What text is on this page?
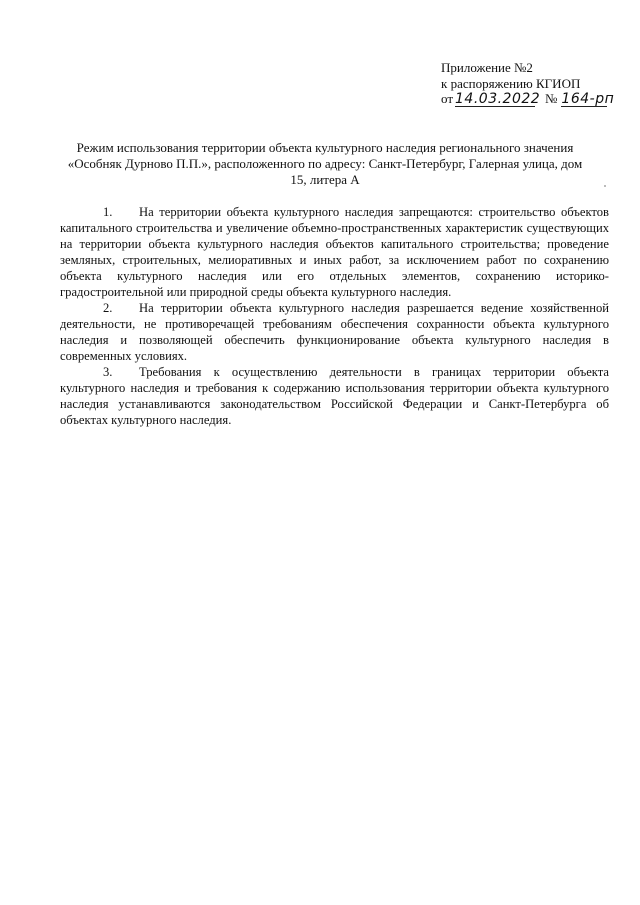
Приложение №2
к распоряжению КГИОП
от 14.03.2022 № 164-рп
Режим использования территории объекта культурного наследия регионального значения «Особняк Дурново П.П.», расположенного по адресу: Санкт-Петербург, Галерная улица, дом 15, литера А

1. На территории объекта культурного наследия запрещаются: строительство объектов капитального строительства и увеличение объемно-пространственных характеристик существующих на территории объекта культурного наследия объектов капитального строительства; проведение земляных, строительных, мелиоративных и иных работ, за исключением работ по сохранению объекта культурного наследия или его отдельных элементов, сохранению историко-градостроительной или природной среды объекта культурного наследия.

2. На территории объекта культурного наследия разрешается ведение хозяйственной деятельности, не противоречащей требованиям обеспечения сохранности объекта культурного наследия и позволяющей обеспечить функционирование объекта культурного наследия в современных условиях.

3. Требования к осуществлению деятельности в границах территории объекта культурного наследия и требования к содержанию использования территории объекта культурного наследия устанавливаются законодательством Российской Федерации и Санкт-Петербурга об объектах культурного наследия.
